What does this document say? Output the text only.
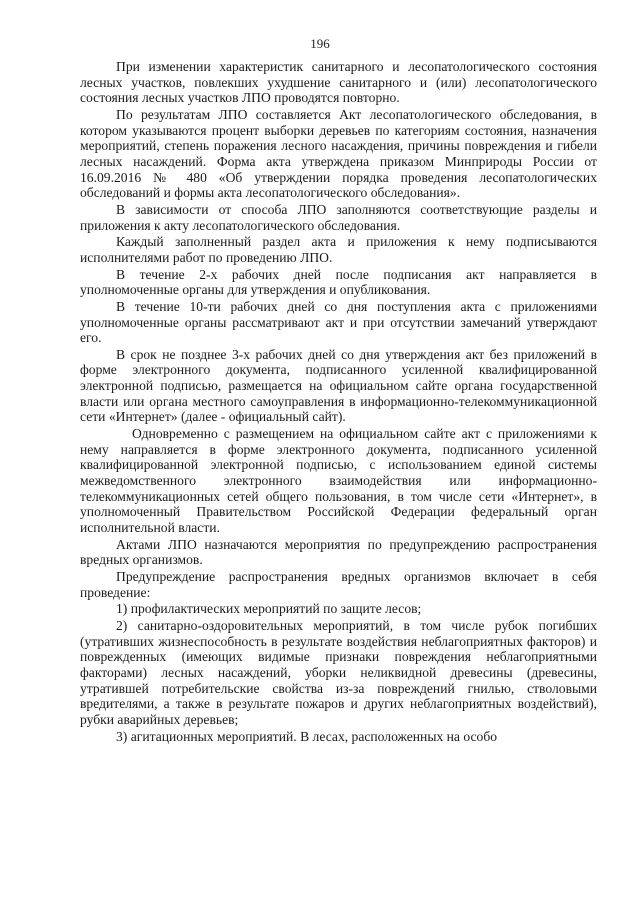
196

При изменении характеристик санитарного и лесопатологического состояния лесных участков, повлекших ухудшение санитарного и (или) лесопатологического состояния лесных участков ЛПО проводятся повторно.

По результатам ЛПО составляется Акт лесопатологического обследования, в котором указываются процент выборки деревьев по категориям состояния, назначения мероприятий, степень поражения лесного насаждения, причины повреждения и гибели лесных насаждений. Форма акта утверждена приказом Минприроды России от 16.09.2016 № 480 «Об утверждении порядка проведения лесопатологических обследований и формы акта лесопатологического обследования».

В зависимости от способа ЛПО заполняются соответствующие разделы и приложения к акту лесопатологического обследования.

Каждый заполненный раздел акта и приложения к нему подписываются исполнителями работ по проведению ЛПО.

В течение 2-х рабочих дней после подписания акт направляется в уполномоченные органы для утверждения и опубликования.

В течение 10-ти рабочих дней со дня поступления акта с приложениями уполномоченные органы рассматривают акт и при отсутствии замечаний утверждают его.

В срок не позднее 3-х рабочих дней со дня утверждения акт без приложений в форме электронного документа, подписанного усиленной квалифицированной электронной подписью, размещается на официальном сайте органа государственной власти или органа местного самоуправления в информационно-телекоммуникационной сети «Интернет» (далее - официальный сайт).

Одновременно с размещением на официальном сайте акт с приложениями к нему направляется в форме электронного документа, подписанного усиленной квалифицированной электронной подписью, с использованием единой системы межведомственного электронного взаимодействия или информационно-телекоммуникационных сетей общего пользования, в том числе сети «Интернет», в уполномоченный Правительством Российской Федерации федеральный орган исполнительной власти.

Актами ЛПО назначаются мероприятия по предупреждению распространения вредных организмов.

Предупреждение распространения вредных организмов включает в себя проведение:

1) профилактических мероприятий по защите лесов;

2) санитарно-оздоровительных мероприятий, в том числе рубок погибших (утративших жизнеспособность в результате воздействия неблагоприятных факторов) и поврежденных (имеющих видимые признаки повреждения неблагоприятными факторами) лесных насаждений, уборки неликвидной древесины (древесины, утратившей потребительские свойства из-за повреждений гнилью, стволовыми вредителями, а также в результате пожаров и других неблагоприятных воздействий), рубки аварийных деревьев;

3) агитационных мероприятий. В лесах, расположенных на особо
